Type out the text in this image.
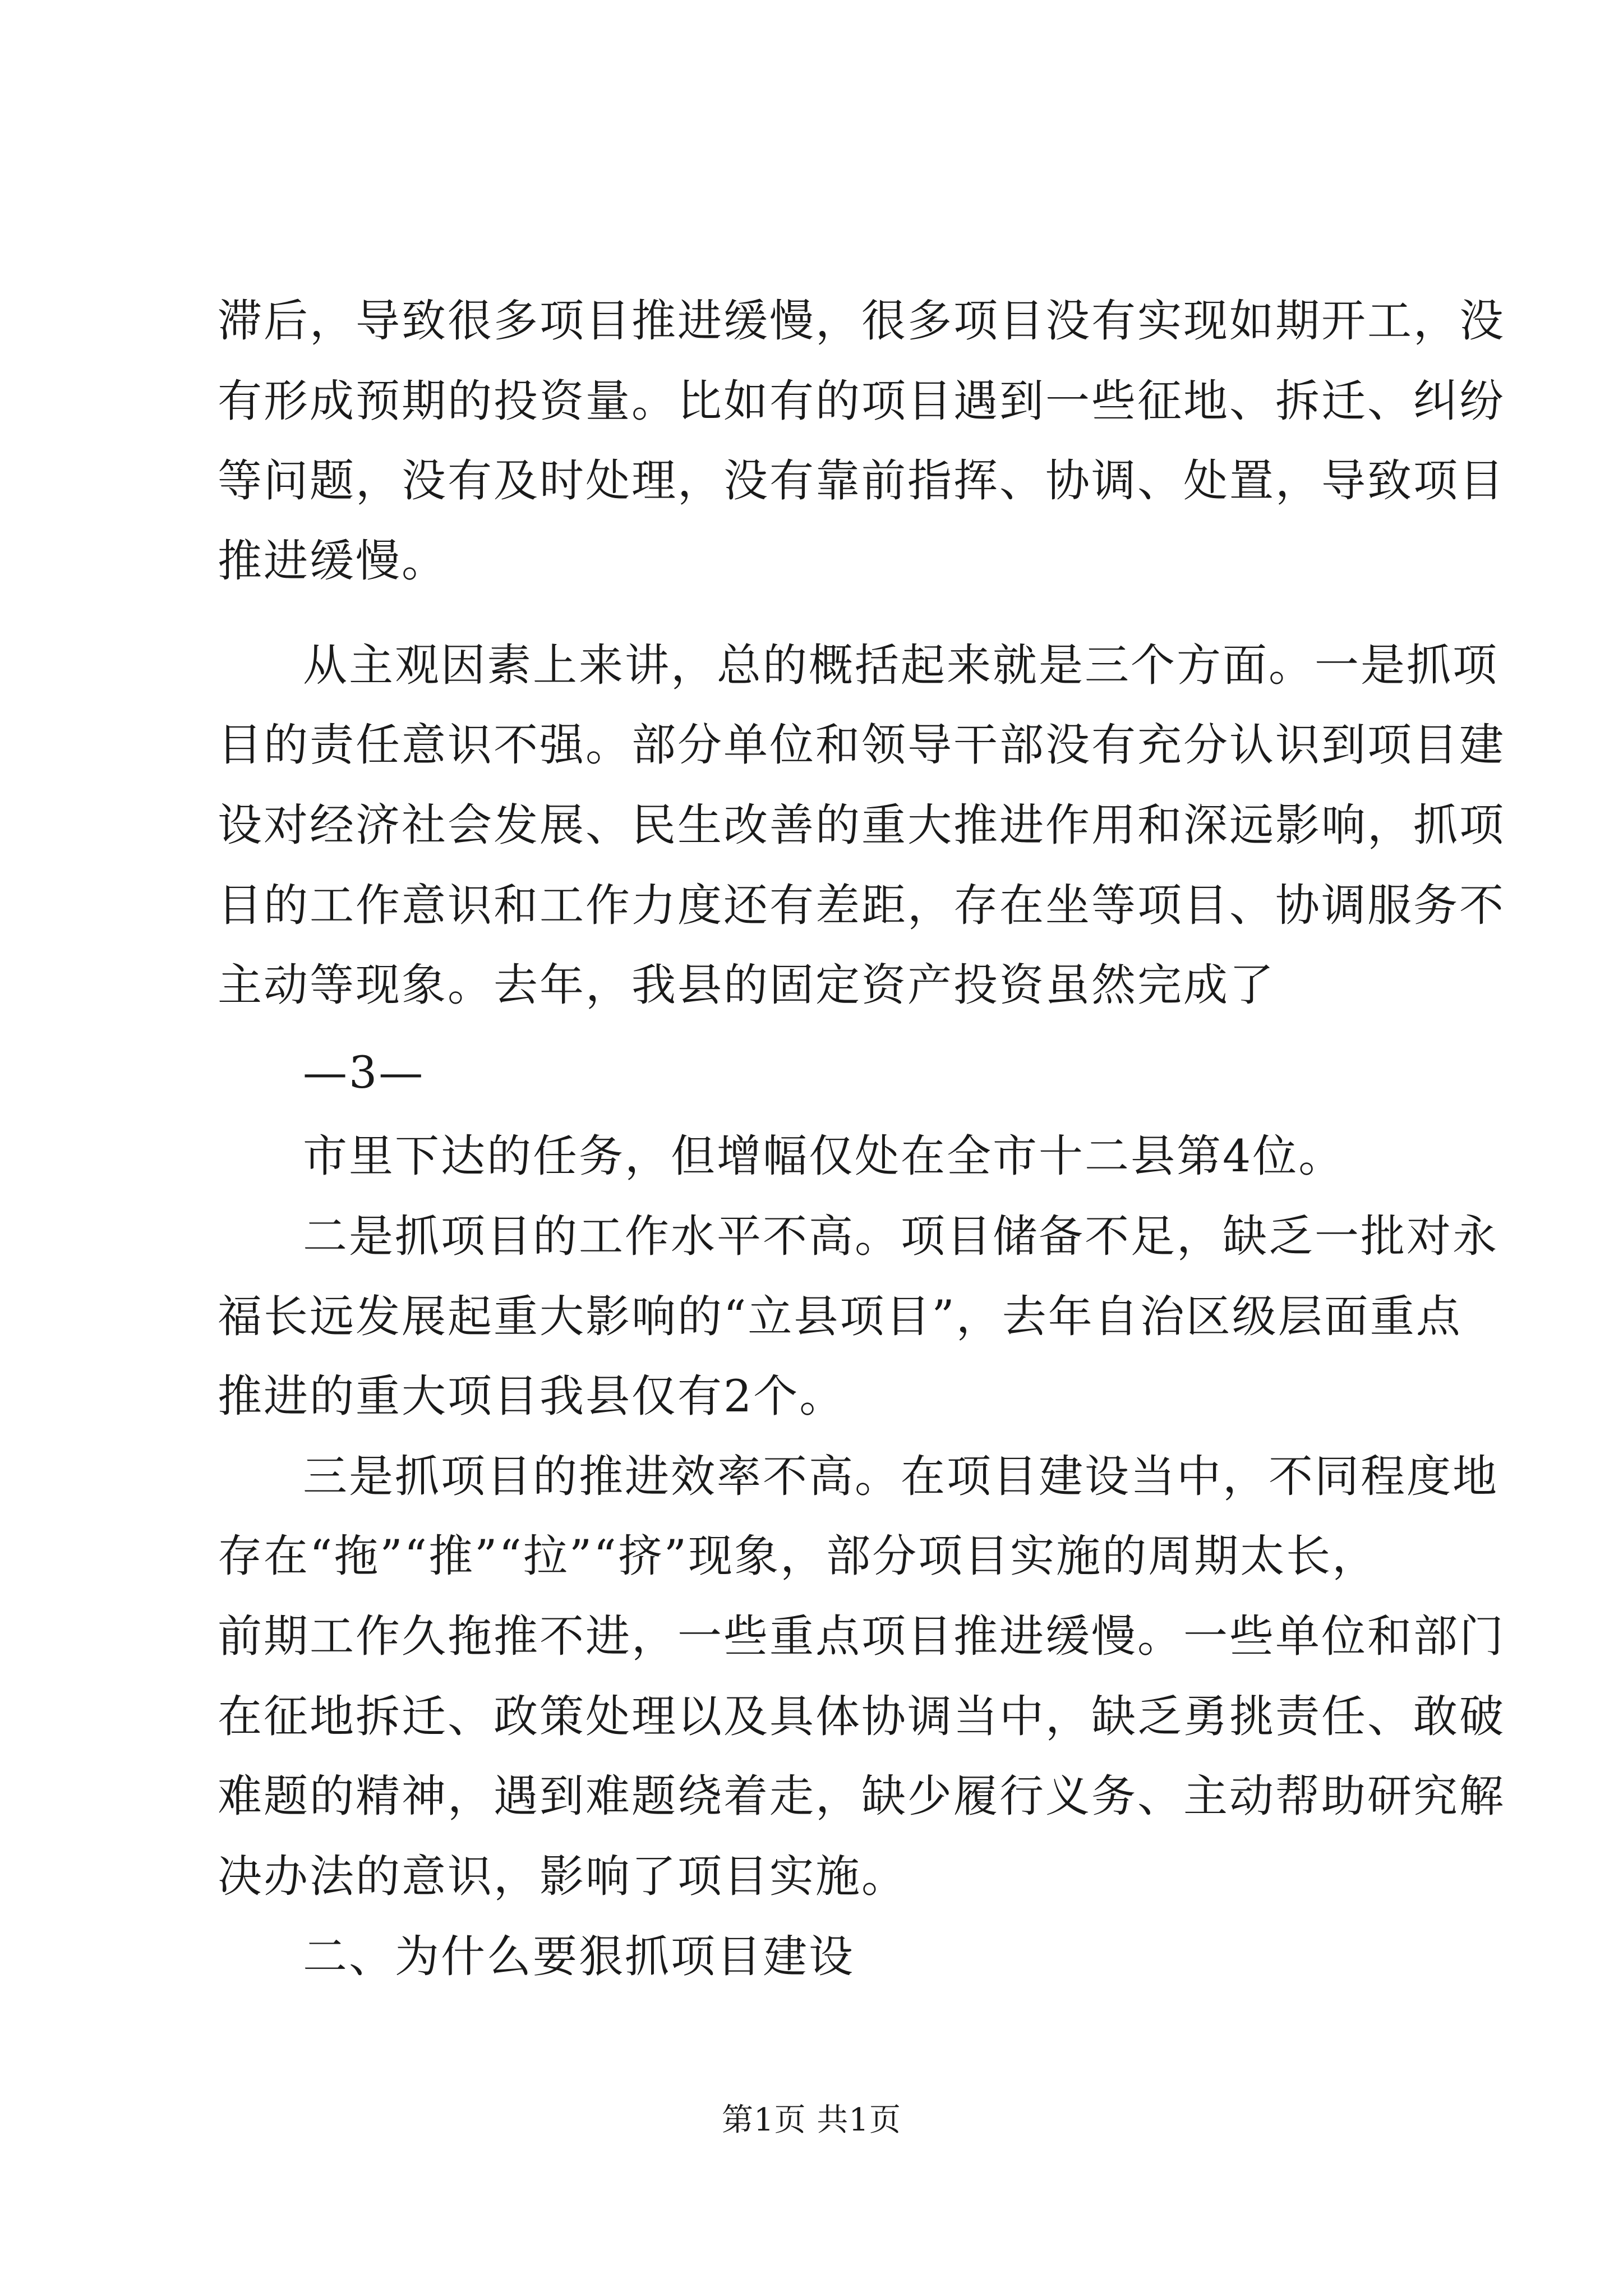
滞后，导致很多项目推进缓慢，很多项目没有实现如期开工，没
有形成预期的投资量。比如有的项目遇到一些征地、拆迁、纠纷
等问题，没有及时处理，没有靠前指挥、协调、处置，导致项目
推进缓慢。
从主观因素上来讲，总的概括起来就是三个方面。一是抓项
目的责任意识不强。部分单位和领导干部没有充分认识到项目建
设对经济社会发展、民生改善的重大推进作用和深远影响，抓项
目的工作意识和工作力度还有差距，存在坐等项目、协调服务不
主动等现象。去年，我县的固定资产投资虽然完成了
—3—
市里下达的任务，但增幅仅处在全市十二县第4位。
二是抓项目的工作水平不高。项目储备不足，缺乏一批对永
福长远发展起重大影响的“立县项目”，去年自治区级层面重点
推进的重大项目我县仅有2个。
三是抓项目的推进效率不高。在项目建设当中，不同程度地
存在“拖”“推”“拉”“挤”现象，部分项目实施的周期太长，
前期工作久拖推不进，一些重点项目推进缓慢。一些单位和部门
在征地拆迁、政策处理以及具体协调当中，缺乏勇挑责任、敢破
难题的精神，遇到难题绕着走，缺少履行义务、主动帮助研究解
决办法的意识，影响了项目实施。
二、为什么要狠抓项目建设
第1页 共1页
